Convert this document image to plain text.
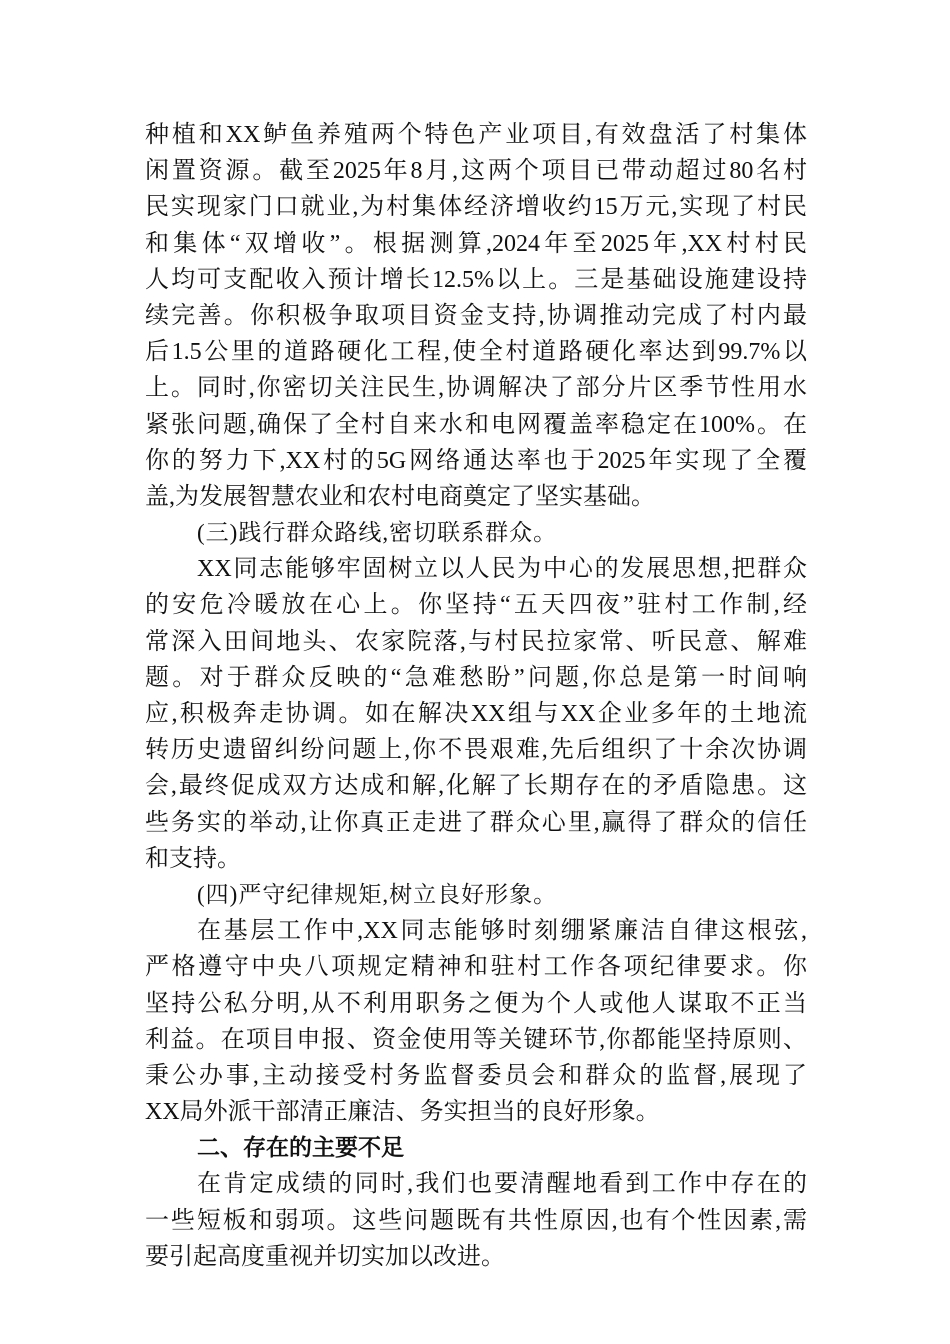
种植和XX鲈鱼养殖两个特色产业项目,有效盘活了村集体
闲置资源。截至2025年8月,这两个项目已带动超过80名村
民实现家门口就业,为村集体经济增收约15万元,实现了村民
和集体“双增收”。根据测算,2024年至2025年,XX村村民
人均可支配收入预计增长12.5%以上。三是基础设施建设持
续完善。你积极争取项目资金支持,协调推动完成了村内最
后1.5公里的道路硬化工程,使全村道路硬化率达到99.7%以
上。同时,你密切关注民生,协调解决了部分片区季节性用水
紧张问题,确保了全村自来水和电网覆盖率稳定在100%。在
你的努力下,XX村的5G网络通达率也于2025年实现了全覆
盖,为发展智慧农业和农村电商奠定了坚实基础。
(三)践行群众路线,密切联系群众。
XX同志能够牢固树立以人民为中心的发展思想,把群众
的安危冷暖放在心上。你坚持“五天四夜”驻村工作制,经
常深入田间地头、农家院落,与村民拉家常、听民意、解难
题。对于群众反映的“急难愁盼”问题,你总是第一时间响
应,积极奔走协调。如在解决XX组与XX企业多年的土地流
转历史遗留纠纷问题上,你不畏艰难,先后组织了十余次协调
会,最终促成双方达成和解,化解了长期存在的矛盾隐患。这
些务实的举动,让你真正走进了群众心里,赢得了群众的信任
和支持。
(四)严守纪律规矩,树立良好形象。
在基层工作中,XX同志能够时刻绷紧廉洁自律这根弦,
严格遵守中央八项规定精神和驻村工作各项纪律要求。你
坚持公私分明,从不利用职务之便为个人或他人谋取不正当
利益。在项目申报、资金使用等关键环节,你都能坚持原则、
秉公办事,主动接受村务监督委员会和群众的监督,展现了
XX局外派干部清正廉洁、务实担当的良好形象。
二、存在的主要不足
在肯定成绩的同时,我们也要清醒地看到工作中存在的
一些短板和弱项。这些问题既有共性原因,也有个性因素,需
要引起高度重视并切实加以改进。
